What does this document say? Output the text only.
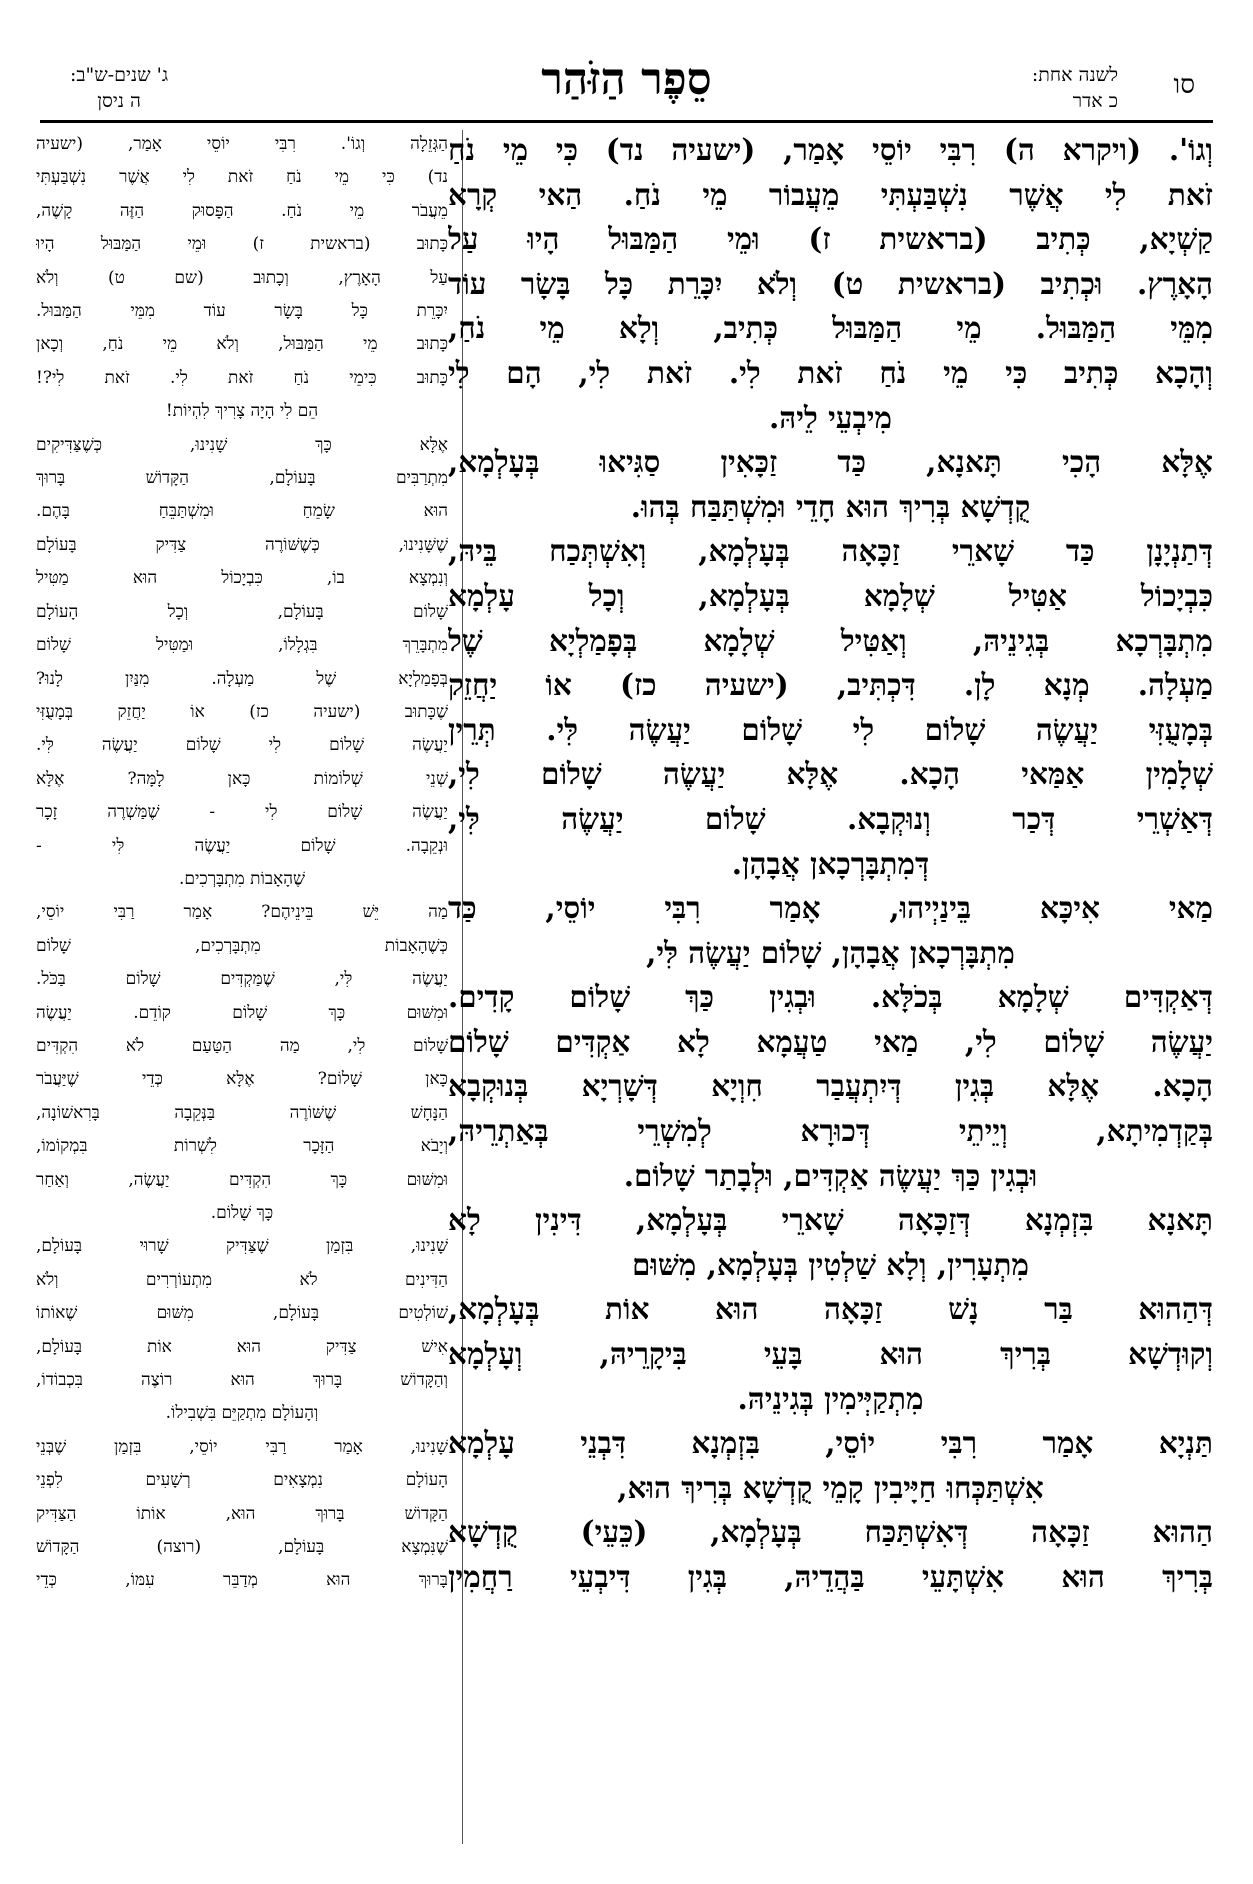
סו
לשנה אחת:
כ אדר
סֵפֶר הַזֹּהַר
ג' שנים-ש"ב:
ה ניסן
וְגוֹ'. (ויקרא ה) רִבִּי יוֹסֵי אָמַר, (ישעיה נד) כִּי מֵי נֹחַ
זֹאת לִי אֲשֶׁר נִשְׁבַּעְתִּי מֵעֲבוֹר מֵי נֹחַ. הַאי קְרָא
קַשְׁיָא, כְּתִיב (בראשית ז) וּמֵי הַמַּבּוּל הָיוּ עַל
הָאָרֶץ. וּכְתִיב (בראשית ט) וְלֹא יִכָּרֵת כָּל בָּשָׂר עוֹד
מִמֵּי הַמַּבּוּל. מֵי הַמַּבּוּל כְּתִיב, וְלָא מֵי נֹחַ,
וְהָכָא כְּתִיב כִּי מֵי נֹחַ זֹאת לִי. זֹאת לִי, הָם לִי
מִיבְעֵי לֵיהּ.
אֶלָּא הָכִי תָּאנָא, כַּד זַכָּאִין סַגִּיאוּ בְּעָלְמָא,
קֻדְשָׁא בְּרִיךְ הוּא חָדֵי וּמִשְׁתַּבַּח בְּהוּ.
דְּתַנְיָנָן כַּד שָׁארֵי זַכָּאָה בְּעָלְמָא, וְאִשְׁתְּכַח בֵּיהּ,
כִּבְיָכוֹל אַטִּיל שְׁלָמָא בְּעָלְמָא, וְכָל עָלְמָא
מִתְבָּרְכָא בְּגִינֵיהּ, וְאַטִּיל שְׁלָמָא בְּפָמַלְיָא שֶׁל
מַעְלָה. מְנָא לָן. דִּכְתִּיב, (ישעיה כז) אוֹ יַחֲזֵק
בְּמָעֻזִּי יַעֲשֶׂה שָׁלוֹם לִי שָׁלוֹם יַעֲשֶׂה לִּי. תְּרֵין
שְׁלָמִין אַמַּאי הָכָא. אֶלָּא יַעֲשֶׂה שָׁלוֹם לִי,
דְּאַשְׁרֵי דְּכַר וְנוּקְבָא. שָׁלוֹם יַעֲשֶׂה לִּי,
דְּמִתְבָּרְכָאן אֲבָהָן.
מַאי אִיכָּא בֵּינַיְיהוּ, אָמַר רִבִּי יוֹסֵי, כַּד
מִתְבָּרְכָאן אֲבָהָן, שָׁלוֹם יַעֲשֶׂה לִּי,
דְּאַקְדִּים שְׁלָמָא בְּכֹלָּא. וּבְגִין כַּךְ שָׁלוֹם קָדִים.
יַעֲשֶׂה שָׁלוֹם לִי, מַאי טַעֲמָא לָא אַקְדִּים שָׁלוֹם
הָכָא. אֶלָּא בְּגִין דְּיִתְעֲבַר חִוְיָא דְּשָׁרְיָא בְּנוּקְבָא
בְּקַדְמִיתָא, וְיֵיתֵי דְּכוּרָא לְמִשְׁרֵי בְּאַתְרֵיהּ,
וּבְגִין כַּךְ יַעֲשֶׂה אַקְדִּים, וּלְבָתַר שָׁלוֹם.
תָּאנָא בִּזְמְנָא דְּזַכָּאָה שָׁארֵי בְּעָלְמָא, דִּינִין לָא
מִתְעָרִין, וְלָא שַׁלְטִין בְּעָלְמָא, מִשּׁוּם
דְּהַהוּא בַּר נָשׁ זַכָּאָה הוּא אוֹת בְּעָלְמָא,
וְקוּדְשָׁא בְּרִיךְ הוּא בָּעֵי בִּיקָרֵיהּ, וְעָלְמָא
מִתְקַיְּימִין בְּגִינֵיהּ.
תַּנְיָא אָמַר רִבִּי יוֹסֵי, בִּזְמְנָא דִּבְנֵי עָלְמָא
אִשְׁתַּכְּחוּ חַיָּיבִין קָמֵי קֻדְשָׁא בְּרִיךְ הוּא,
הַהוּא זַכָּאָה דְּאִשְׁתַּכַּח בְּעָלְמָא, (כֵּעֵי) קֻדְשָׁא
בְּרִיךְ הוּא אִשְׁתָּעֵי בַּהֲדֵיהּ, בְּגִין דִּיבְעֵי רַחֲמִין
הַגְּזֵלָה וְגוֹ'. רִבִּי יוֹסֵי אָמַר, (ישעיה
נד) כִּי מֵי נֹחַ זֹאת לִי אֲשֶׁר נִשְׁבַּעְתִּי
מֵעֲבֹר מֵי נֹחַ. הַפָּסוּק הַזֶּה קָשֶׁה,
כָּתוּב (בראשית ז) וּמֵי הַמַּבּוּל הָיוּ
עַל הָאָרֶץ, וְכָתוּב (שם ט) וְלֹא
יִכָּרֵת כָּל בָּשָׂר עוֹד מִמֵּי הַמַּבּוּל.
כָּתוּב מֵי הַמַּבּוּל, וְלֹא מֵי נֹחַ, וְכָאן
כָּתוּב כִּימֵי נֹחַ זֹאת לִי. זֹאת לִי?!
הֵם לִי הָיָה צָרִיךְ לִהְיוֹת!
אֶלָּא כָּךְ שָׁנִינוּ, כְּשֶׁצַּדִּיקִים
מִתְרַבִּים בָּעוֹלָם, הַקָּדוֹשׁ בָּרוּךְ
הוּא שָׂמֵחַ וּמִשְׁתַּבֵּחַ בָּהֶם.
שֶׁשָּׁנִינוּ, כְּשֶׁשּׁוֹרֶה צַדִּיק בָּעוֹלָם
וְנִמְצָא בוֹ, כִּבְיָכוֹל הוּא מַטִּיל
שָׁלוֹם בָּעוֹלָם, וְכָל הָעוֹלָם
מִתְבָּרֵךְ בִּגְלָלוֹ, וּמַטִּיל שָׁלוֹם
בְּפָמַלְיָא שֶׁל מַעְלָה. מִנַּיִן לָנוּ?
שֶׁכָּתוּב (ישעיה כז) אוֹ יַחֲזֵק בְּמָעֻזִּי
יַעֲשֶׂה שָׁלוֹם לִי שָׁלוֹם יַעֲשֶׂה לִּי.
שְׁנֵי שְׁלוֹמוֹת כָּאן לָמָּה? אֶלָּא
יַעֲשֶׂה שָׁלוֹם לִי - שֶׁמַּשְׁרֶה זָכָר
וּנְקֵבָה. שָׁלוֹם יַעֲשֶׂה לִּי -
שֶׁהָאָבוֹת מִתְבָּרְכִים.
מַה יֵּשׁ בֵּינֵיהֶם? אָמַר רַבִּי יוֹסֵי,
כְּשֶׁהָאָבוֹת מִתְבָּרְכִים, שָׁלוֹם
יַעֲשֶׂה לִּי, שֶׁמַּקְדִּים שָׁלוֹם בַּכֹּל.
וּמִשּׁוּם כָּךְ שָׁלוֹם קוֹדֵם. יַעֲשֶׂה
שָׁלוֹם לִי, מַה הַטַּעַם לֹא הִקְדִּים
כָּאן שָׁלוֹם? אֶלָּא כְּדֵי שֶׁיַּעֲבֹר
הַנָּחָשׁ שֶׁשּׁוֹרֶה בַּנְּקֵבָה בָּרִאשׁוֹנָה,
וְיָבֹא הַזָּכָר לִשְׁרוֹת בִּמְקוֹמוֹ,
וּמִשּׁוּם כָּךְ הִקְדִּים יַעֲשֶׂה, וְאַחַר
כָּךְ שָׁלוֹם.
שָׁנִינוּ, בִּזְמַן שֶׁצַּדִּיק שָׁרוּי בָּעוֹלָם,
הַדִּינִים לֹא מִתְעוֹרְרִים וְלֹא
שׁוֹלְטִים בָּעוֹלָם, מִשּׁוּם שֶׁאוֹתוֹ
אִישׁ צַדִּיק הוּא אוֹת בָּעוֹלָם,
וְהַקָּדוֹשׁ בָּרוּךְ הוּא רוֹצֶה בִּכְבוֹדוֹ,
וְהָעוֹלָם מִתְקַיֵּם בִּשְׁבִילוֹ.
שָׁנִינוּ, אָמַר רַבִּי יוֹסֵי, בִּזְמַן שֶׁבְּנֵי
הָעוֹלָם נִמְצָאִים רְשָׁעִים לִפְנֵי
הַקָּדוֹשׁ בָּרוּךְ הוּא, אוֹתוֹ הַצַּדִּיק
שֶׁנִּמְצָא בָּעוֹלָם, (רוצה) הַקָּדוֹשׁ
בָּרוּךְ הוּא מְדַבֵּר עִמּוֹ, כְּדֵי
